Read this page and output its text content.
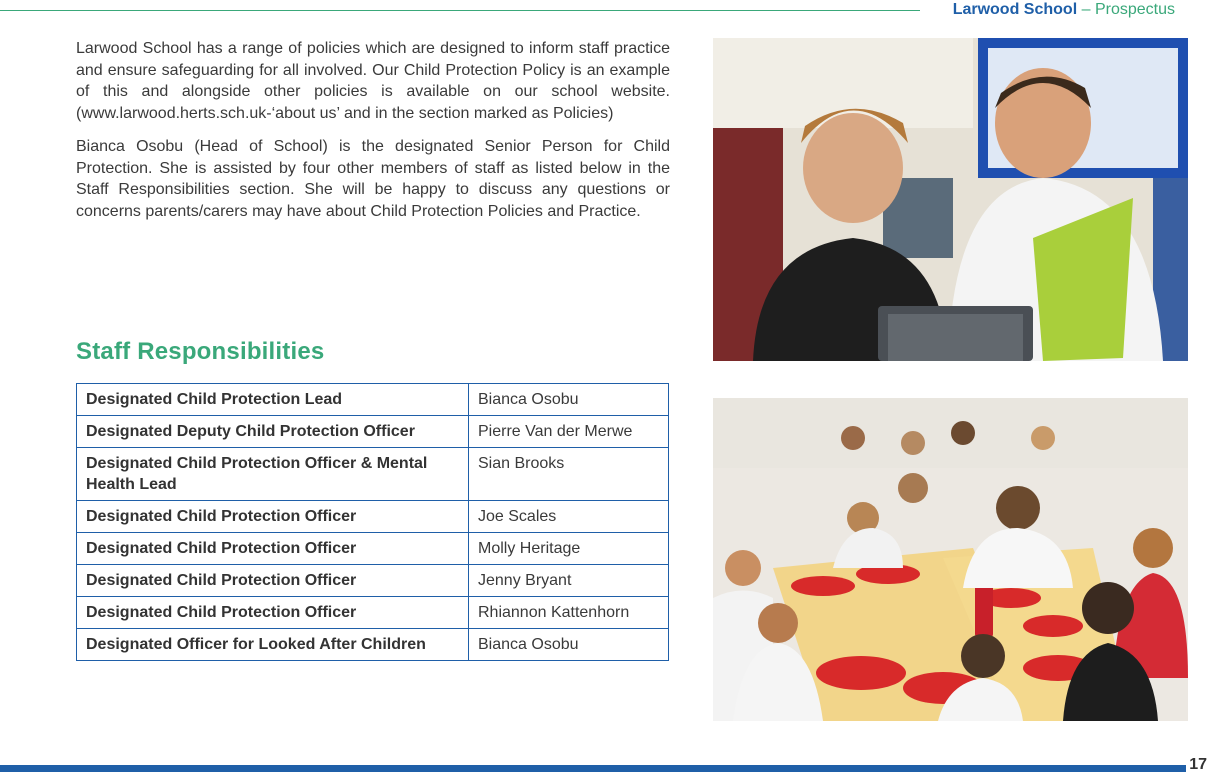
Larwood School – Prospectus

Larwood School has a range of policies which are designed to inform staff practice and ensure safeguarding for all involved. Our Child Protection Policy is an example of this and alongside other policies is available on our school website. (www.larwood.herts.sch.uk-‘about us’ and in the section marked as Policies)

Bianca Osobu (Head of School) is the designated Senior Person for Child Protection. She is assisted by four other members of staff as listed below in the Staff Responsibilities section. She will be happy to discuss any questions or concerns parents/carers may have about Child Protection Policies and Practice.

Staff Responsibilities
Designated Child Protection Lead	Bianca Osobu
Designated Deputy Child Protection Officer	Pierre Van der Merwe
Designated Child Protection Officer & Mental Health Lead	Sian Brooks
Designated Child Protection Officer	Joe Scales
Designated Child Protection Officer	Molly Heritage
Designated Child Protection Officer	Jenny Bryant
Designated Child Protection Officer	Rhiannon Kattenhorn
Designated Officer for Looked After Children	Bianca Osobu
17
